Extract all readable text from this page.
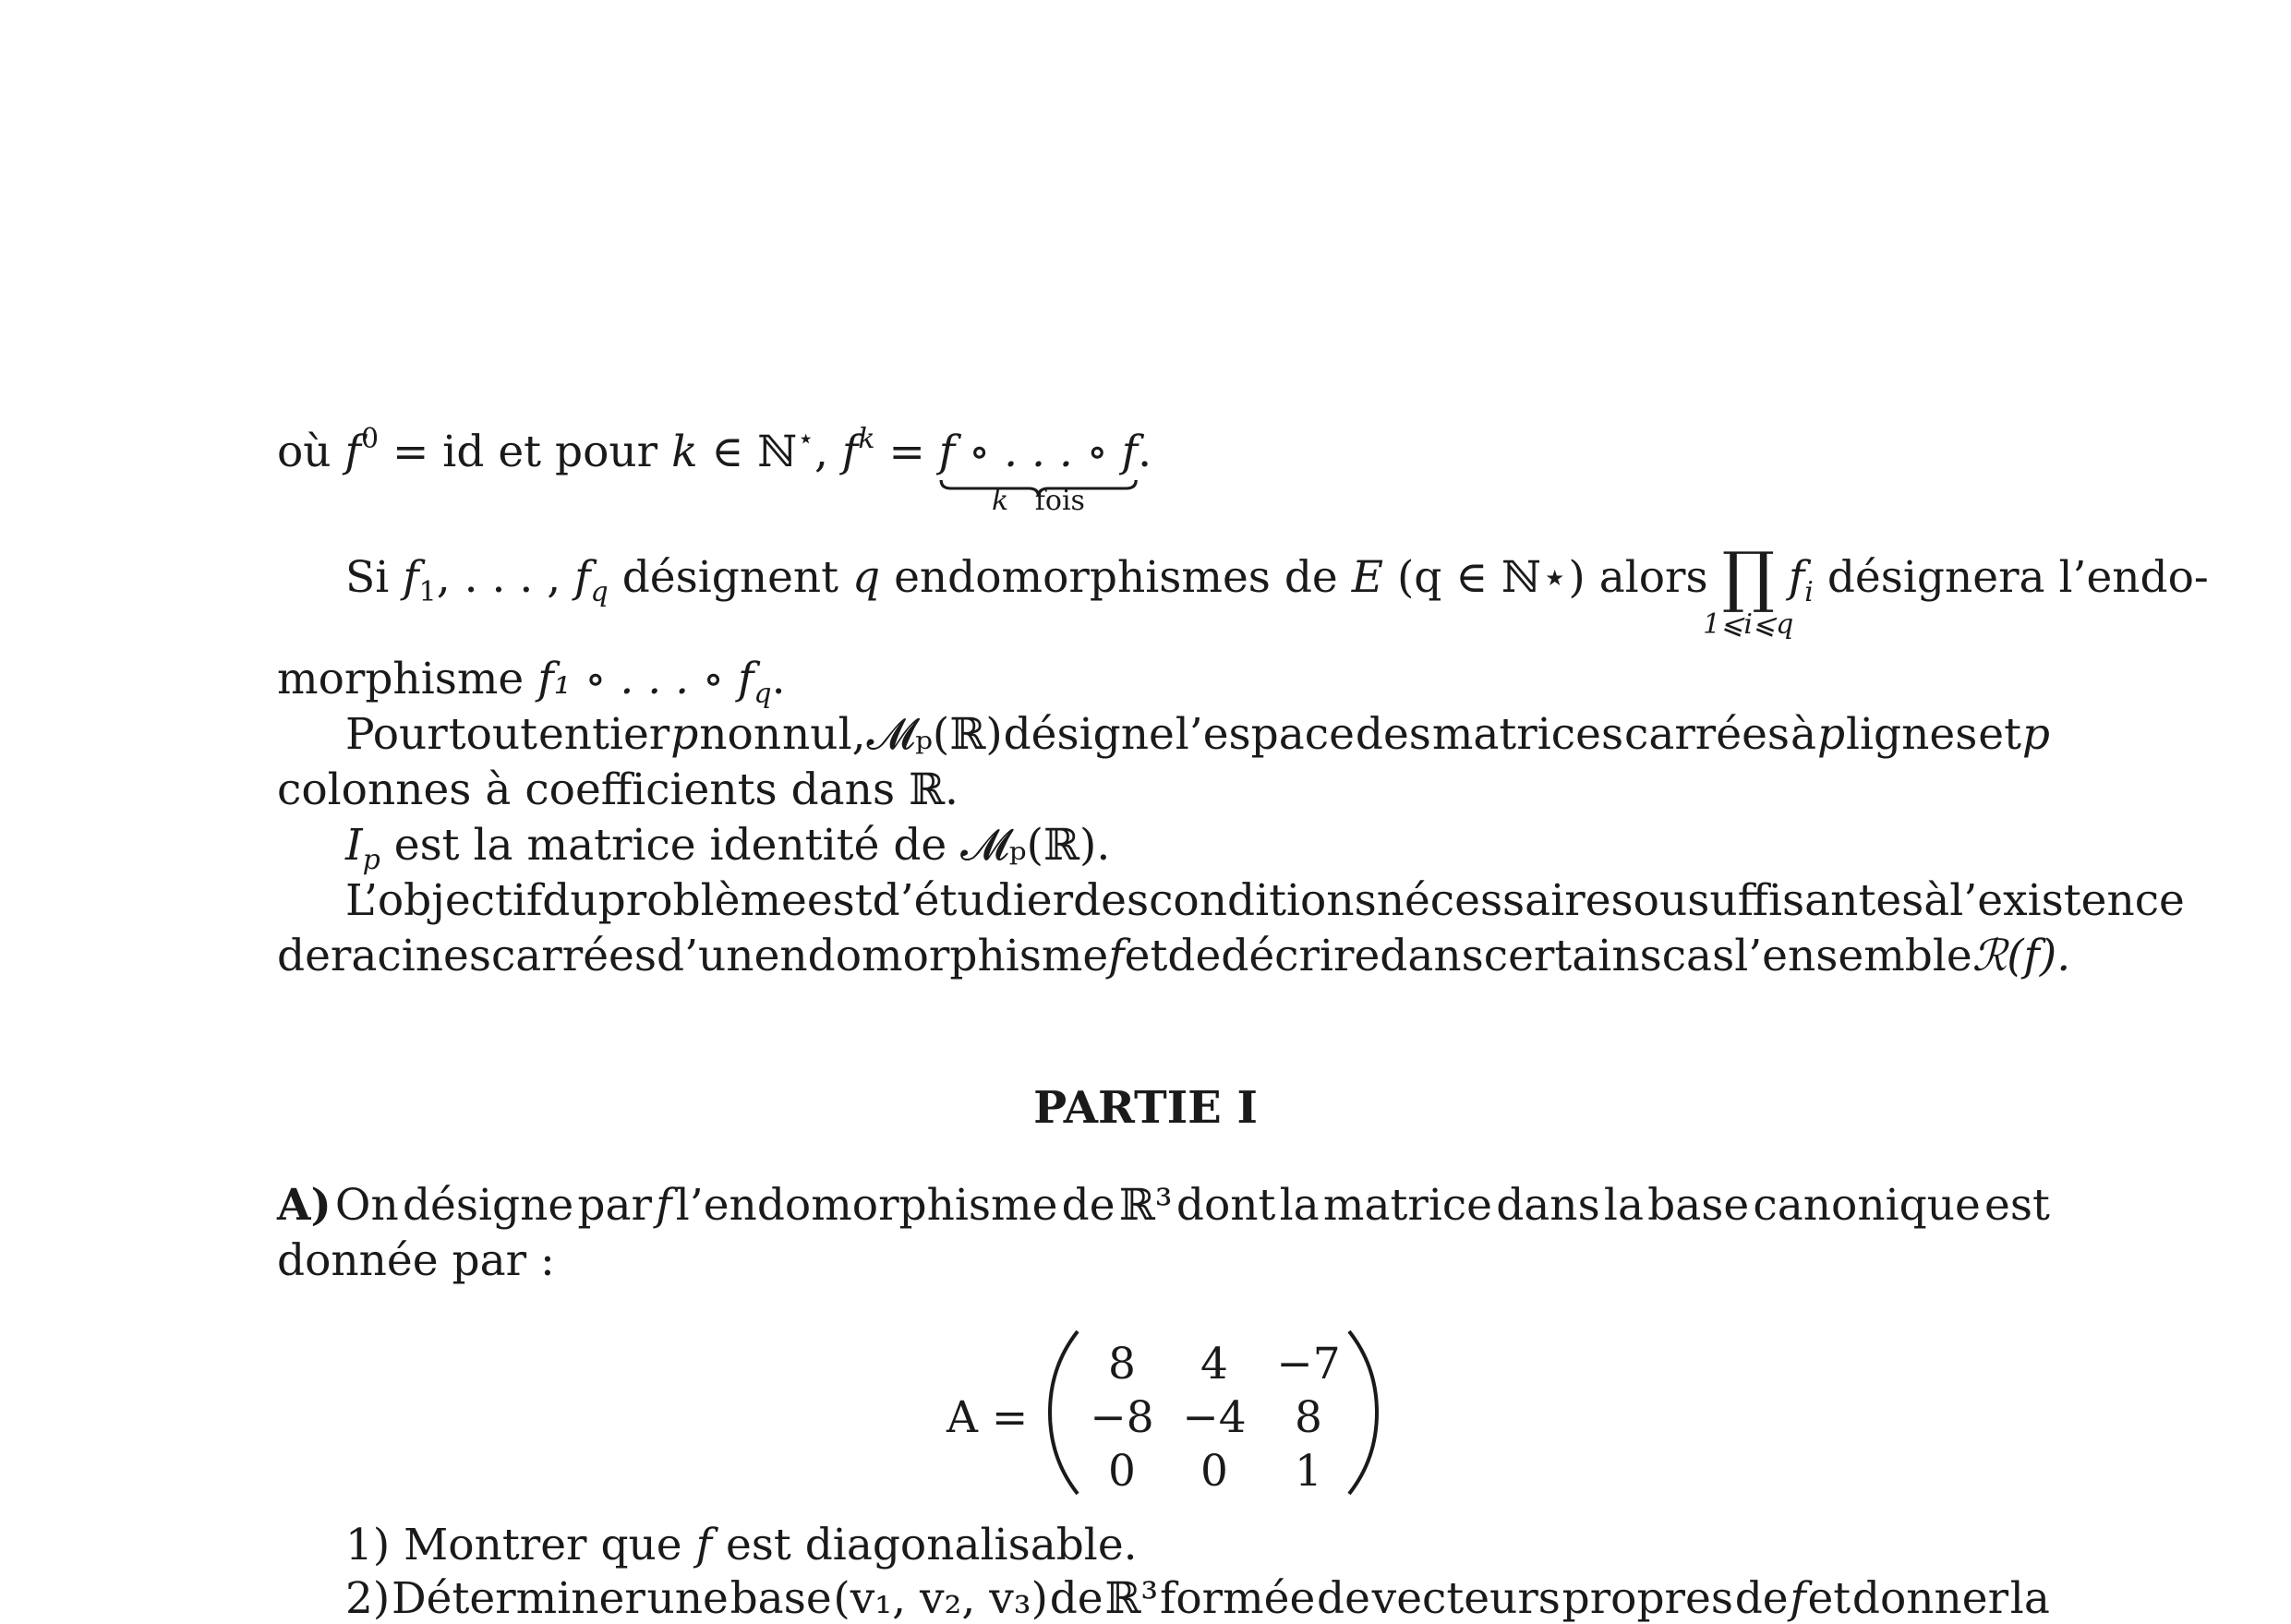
où $f^0$ = id et pour k ∈ ℕ⋆, $f^k = f$ ∘ . . . ∘ f
k fois
.
Si $f_1$, . . . , $f_q$ désignent q endomorphismes de E (q ∈ ℕ⋆) alors ∏
1⩽i⩽q
$f_i$ désignera l’endo-
morphisme f₁ ∘ . . . ∘ $f_q$.
Pour tout entier p non nul, 𝓜ₚ(ℝ) désigne l’espace des matrices carrées à p lignes et p
colonnes à coefficients dans ℝ.
$I_p$ est la matrice identité de 𝓜ₚ(ℝ).
L’objectif du problème est d’étudier des conditions nécessaires ou suffisantes à l’existence
de racines carrées d’un endomorphisme f et de décrire dans certains cas l’ensemble ℛ(f).
PARTIE I
A) On désigne par f l’endomorphisme de ℝ³ dont la matrice dans la base canonique est
donnée par :
A =
8	4	−7
−8 −4	8
0	0	1
1) Montrer que f est diagonalisable.
2) Déterminer une base (v₁, v₂, v₃) de ℝ³ formée de vecteurs propres de f et donner la
